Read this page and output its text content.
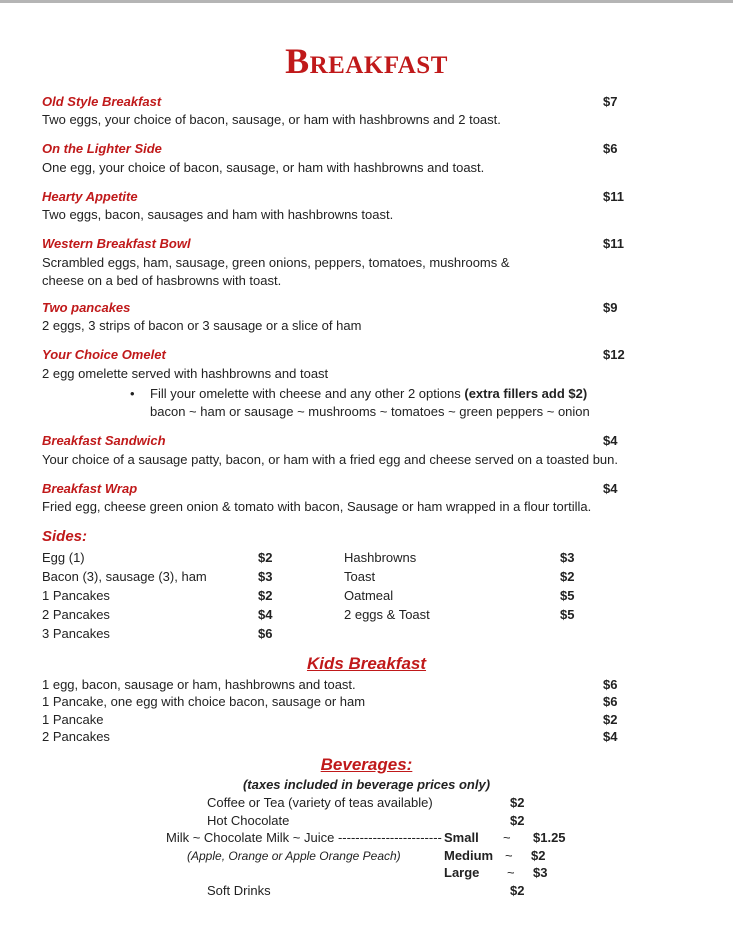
Breakfast
Old Style Breakfast	$7
Two eggs, your choice of bacon, sausage, or ham with hashbrowns and 2 toast.
On the Lighter Side	$6
One egg, your choice of bacon, sausage, or ham with hashbrowns and toast.
Hearty Appetite	$11
Two eggs, bacon, sausages and ham with hashbrowns toast.
Western Breakfast Bowl	$11
Scrambled eggs, ham, sausage, green onions, peppers, tomatoes, mushrooms & cheese on a bed of hasbrowns with toast.
Two pancakes	$9
2 eggs, 3 strips of bacon or 3 sausage or a slice of ham
Your Choice Omelet	$12
2 egg omelette served with hashbrowns and toast
• Fill your omelette with cheese and any other 2 options (extra fillers add $2)
bacon ~ ham or sausage ~ mushrooms ~ tomatoes ~ green peppers ~ onion
Breakfast Sandwich	$4
Your choice of a sausage patty, bacon, or ham with a fried egg and cheese served on a toasted bun.
Breakfast Wrap	$4
Fried egg, cheese green onion & tomato with bacon, Sausage or ham wrapped in a flour tortilla.
Sides:
Egg (1)	$2
Bacon (3), sausage (3), ham	$3
1 Pancakes	$2
2 Pancakes	$4
3 Pancakes	$6
Hashbrowns	$3
Toast	$2
Oatmeal	$5
2 eggs & Toast	$5
Kids Breakfast
1 egg, bacon, sausage or ham, hashbrowns and toast.	$6
1 Pancake, one egg with choice bacon, sausage or ham	$6
1 Pancake	$2
2 Pancakes	$4
Beverages:
(taxes included in beverage prices only)
Coffee or Tea (variety of teas available)	$2
Hot Chocolate	$2
Milk ~ Chocolate Milk ~ Juice ------------------------
(Apple, Orange or Apple Orange Peach)
Small ~ $1.25
Medium ~ $2
Large ~ $3
Soft Drinks	$2
